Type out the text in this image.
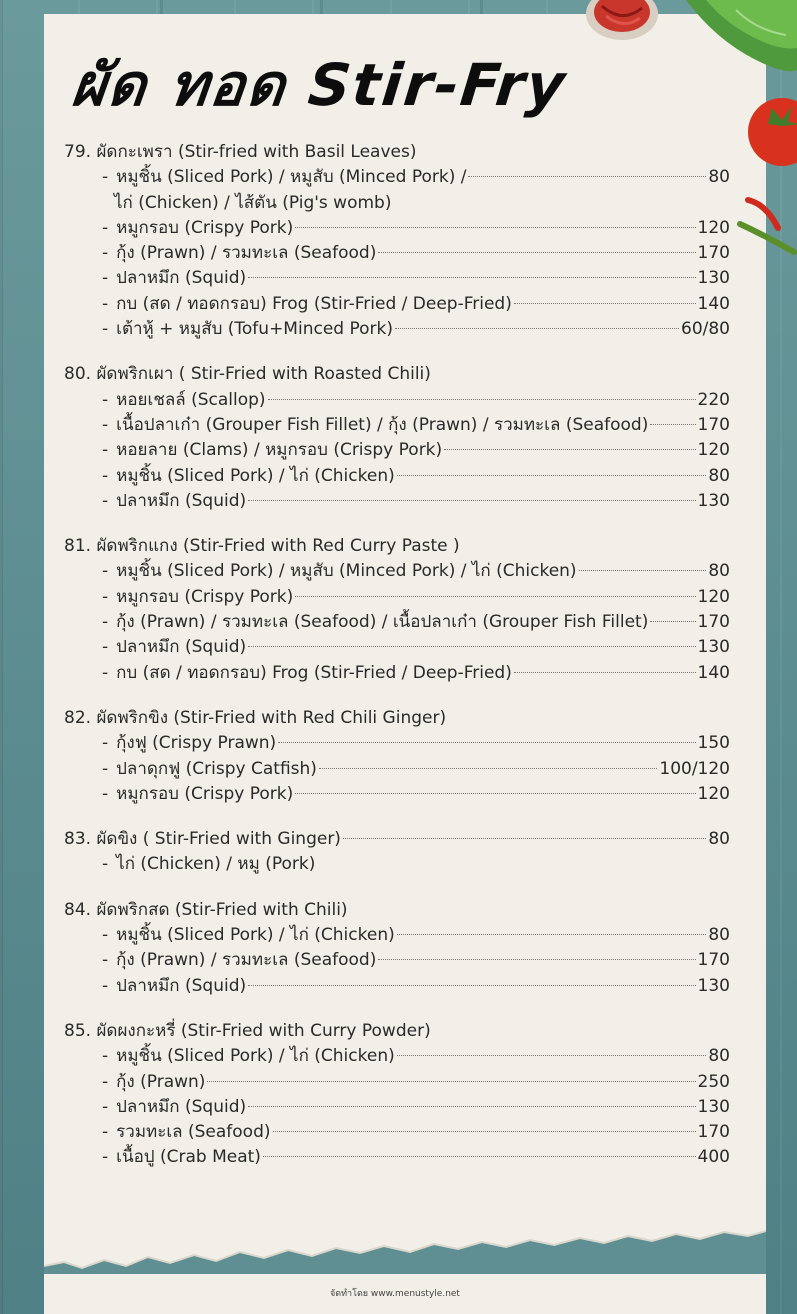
ผัด ทอด Stir-Fry
79. ผัดกะเพรา (Stir-fried with Basil Leaves)
- หมูชิ้น (Sliced Pork) / หมูสับ (Minced Pork) /	80
ไก่ (Chicken) / ไส้ตัน (Pig's womb)
- หมูกรอบ (Crispy Pork)	120
- กุ้ง (Prawn) / รวมทะเล (Seafood)	170
- ปลาหมึก (Squid)	130
- กบ (สด / ทอดกรอบ) Frog (Stir-Fried / Deep-Fried)	140
- เต้าหู้ + หมูสับ (Tofu+Minced Pork)	60/80
80. ผัดพริกเผา ( Stir-Fried with Roasted Chili)
- หอยเชลล์ (Scallop)	220
- เนื้อปลาเก๋า (Grouper Fish Fillet) / กุ้ง (Prawn) / รวมทะเล (Seafood)	170
- หอยลาย (Clams) / หมูกรอบ (Crispy Pork)	120
- หมูชิ้น (Sliced Pork) / ไก่ (Chicken)	80
- ปลาหมึก (Squid)	130
81. ผัดพริกแกง (Stir-Fried with Red Curry Paste )
- หมูชิ้น (Sliced Pork) / หมูสับ (Minced Pork) / ไก่ (Chicken)	80
- หมูกรอบ (Crispy Pork)	120
- กุ้ง (Prawn) / รวมทะเล (Seafood) / เนื้อปลาเก๋า (Grouper Fish Fillet)	170
- ปลาหมึก (Squid)	130
- กบ (สด / ทอดกรอบ) Frog (Stir-Fried / Deep-Fried)	140
82. ผัดพริกขิง (Stir-Fried with Red Chili Ginger)
- กุ้งฟู (Crispy Prawn)	150
- ปลาดุกฟู (Crispy Catfish)	100/120
- หมูกรอบ (Crispy Pork)	120
83. ผัดขิง ( Stir-Fried with Ginger)	80
- ไก่ (Chicken) / หมู (Pork)
84. ผัดพริกสด (Stir-Fried with Chili)
- หมูชิ้น (Sliced Pork) / ไก่ (Chicken)	80
- กุ้ง (Prawn) / รวมทะเล (Seafood)	170
- ปลาหมึก (Squid)	130
85. ผัดผงกะหรี่ (Stir-Fried with Curry Powder)
- หมูชิ้น (Sliced Pork) / ไก่ (Chicken)	80
- กุ้ง (Prawn)	250
- ปลาหมึก (Squid)	130
- รวมทะเล (Seafood)	170
- เนื้อปู (Crab Meat)	400
จัดทำโดย www.menustyle.net
